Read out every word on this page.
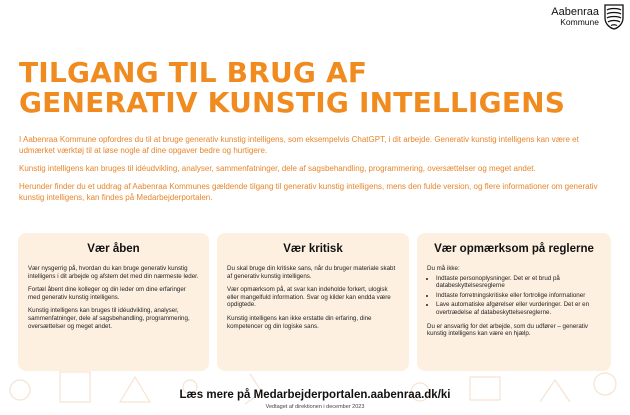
Aabenraa
Kommune
TILGANG TIL BRUG AF
GENERATIV KUNSTIG INTELLIGENS

I Aabenraa Kommune opfordres du til at bruge generativ kunstig intelligens, som eksempelvis ChatGPT, i dit arbejde. Generativ kunstig intelligens kan være et udmærket værktøj til at løse nogle af dine opgaver bedre og hurtigere.

Kunstig intelligens kan bruges til idéudvikling, analyser, sammenfatninger, dele af sagsbehandling, programmering, oversættelser og meget andet.

Herunder finder du et uddrag af Aabenraa Kommunes gældende tilgang til generativ kunstig intelligens, mens den fulde version, og flere informationer om generativ kunstig intelligens, kan findes på Medarbejderportalen.

Vær åben

Vær nysgerrig på, hvordan du kan bruge generativ kunstig intelligens i dit arbejde og afstem det med din nærmeste leder.

Fortæl åbent dine kolleger og din leder om dine erfaringer med generativ kunstig intelligens.

Kunstig intelligens kan bruges til idéudvikling, analyser, sammenfatninger, dele af sagsbehandling, programmering, oversættelser og meget andet.

Vær kritisk

Du skal bruge din kritiske sans, når du bruger materiale skabt af generativ kunstig intelligens.

Vær opmærksom på, at svar kan indeholde forkert, ulogisk eller mangelfuld information. Svar og kilder kan endda være opdigtede.

Kunstig intelligens kan ikke erstatte din erfaring, dine kompetencer og din logiske sans.

Vær opmærksom på reglerne

Du må ikke:

• Indtaste personoplysninger. Det er et brud på databeskyttelsesreglerne
• Indtaste forretningskritiske eller fortrolige informationer
• Lave automatiske afgørelser eller vurderinger. Det er en overtrædelse af databeskyttelsesreglerne.

Du er ansvarlig for det arbejde, som du udfører – generativ kunstig intelligens kan være en hjælp.

Læs mere på Medarbejderportalen.aabenraa.dk/ki
Vedtaget af direktionen i december 2023
